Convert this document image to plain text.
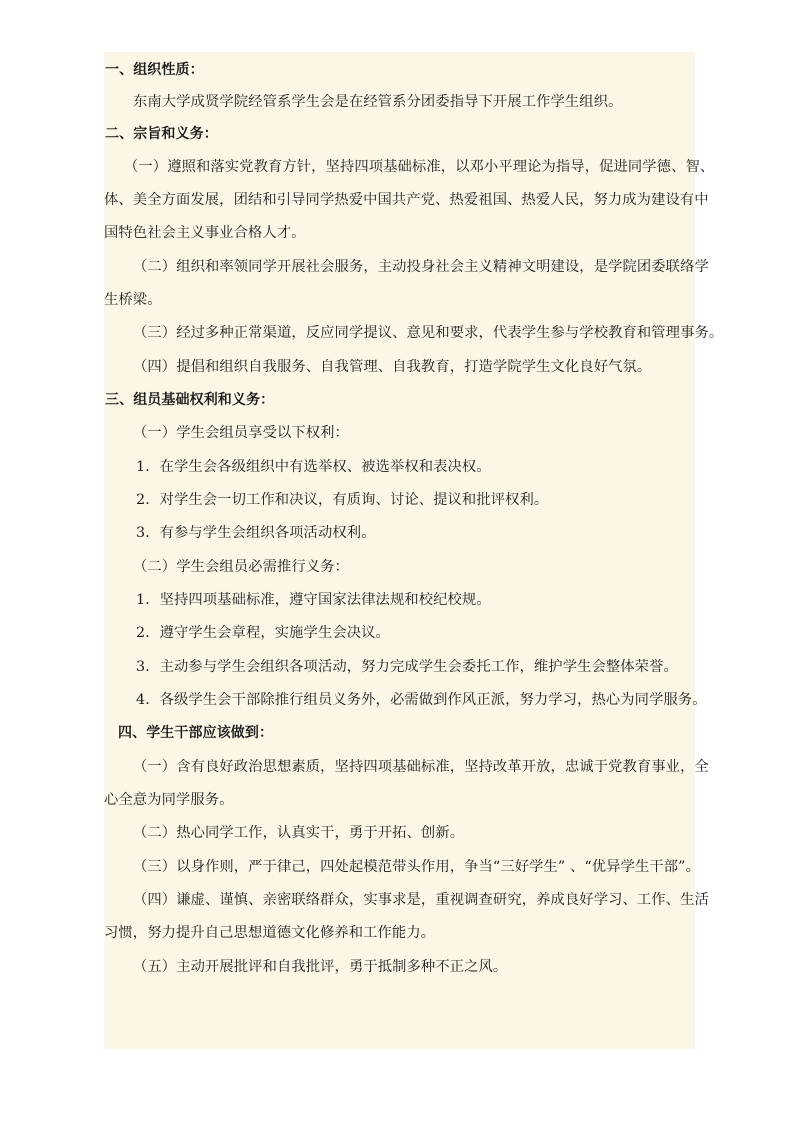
一、组织性质：
东南大学成贤学院经管系学生会是在经管系分团委指导下开展工作学生组织。
二、宗旨和义务：
（一）遵照和落实党教育方针，坚持四项基础标准，以邓小平理论为指导，促进同学德、智、
体、美全方面发展，团结和引导同学热爱中国共产党、热爱祖国、热爱人民，努力成为建设有中
国特色社会主义事业合格人才。
（二）组织和率领同学开展社会服务，主动投身社会主义精神文明建设，是学院团委联络学
生桥梁。
（三）经过多种正常渠道，反应同学提议、意见和要求，代表学生参与学校教育和管理事务。
（四）提倡和组织自我服务、自我管理、自我教育，打造学院学生文化良好气氛。
三、组员基础权利和义务：
（一）学生会组员享受以下权利：
1．在学生会各级组织中有选举权、被选举权和表决权。
2．对学生会一切工作和决议，有质询、讨论、提议和批评权利。
3．有参与学生会组织各项活动权利。
（二）学生会组员必需推行义务：
1．坚持四项基础标准，遵守国家法律法规和校纪校规。
2．遵守学生会章程，实施学生会决议。
3．主动参与学生会组织各项活动，努力完成学生会委托工作，维护学生会整体荣誉。
4．各级学生会干部除推行组员义务外，必需做到作风正派，努力学习，热心为同学服务。
四、学生干部应该做到：
（一）含有良好政治思想素质，坚持四项基础标准，坚持改革开放，忠诚于党教育事业，全
心全意为同学服务。
（二）热心同学工作，认真实干，勇于开拓、创新。
（三）以身作则，严于律己，四处起模范带头作用，争当“三好学生” 、“优异学生干部”。
（四）谦虚、谨慎、亲密联络群众，实事求是，重视调查研究，养成良好学习、工作、生活
习惯，努力提升自己思想道德文化修养和工作能力。
（五）主动开展批评和自我批评，勇于抵制多种不正之风。
